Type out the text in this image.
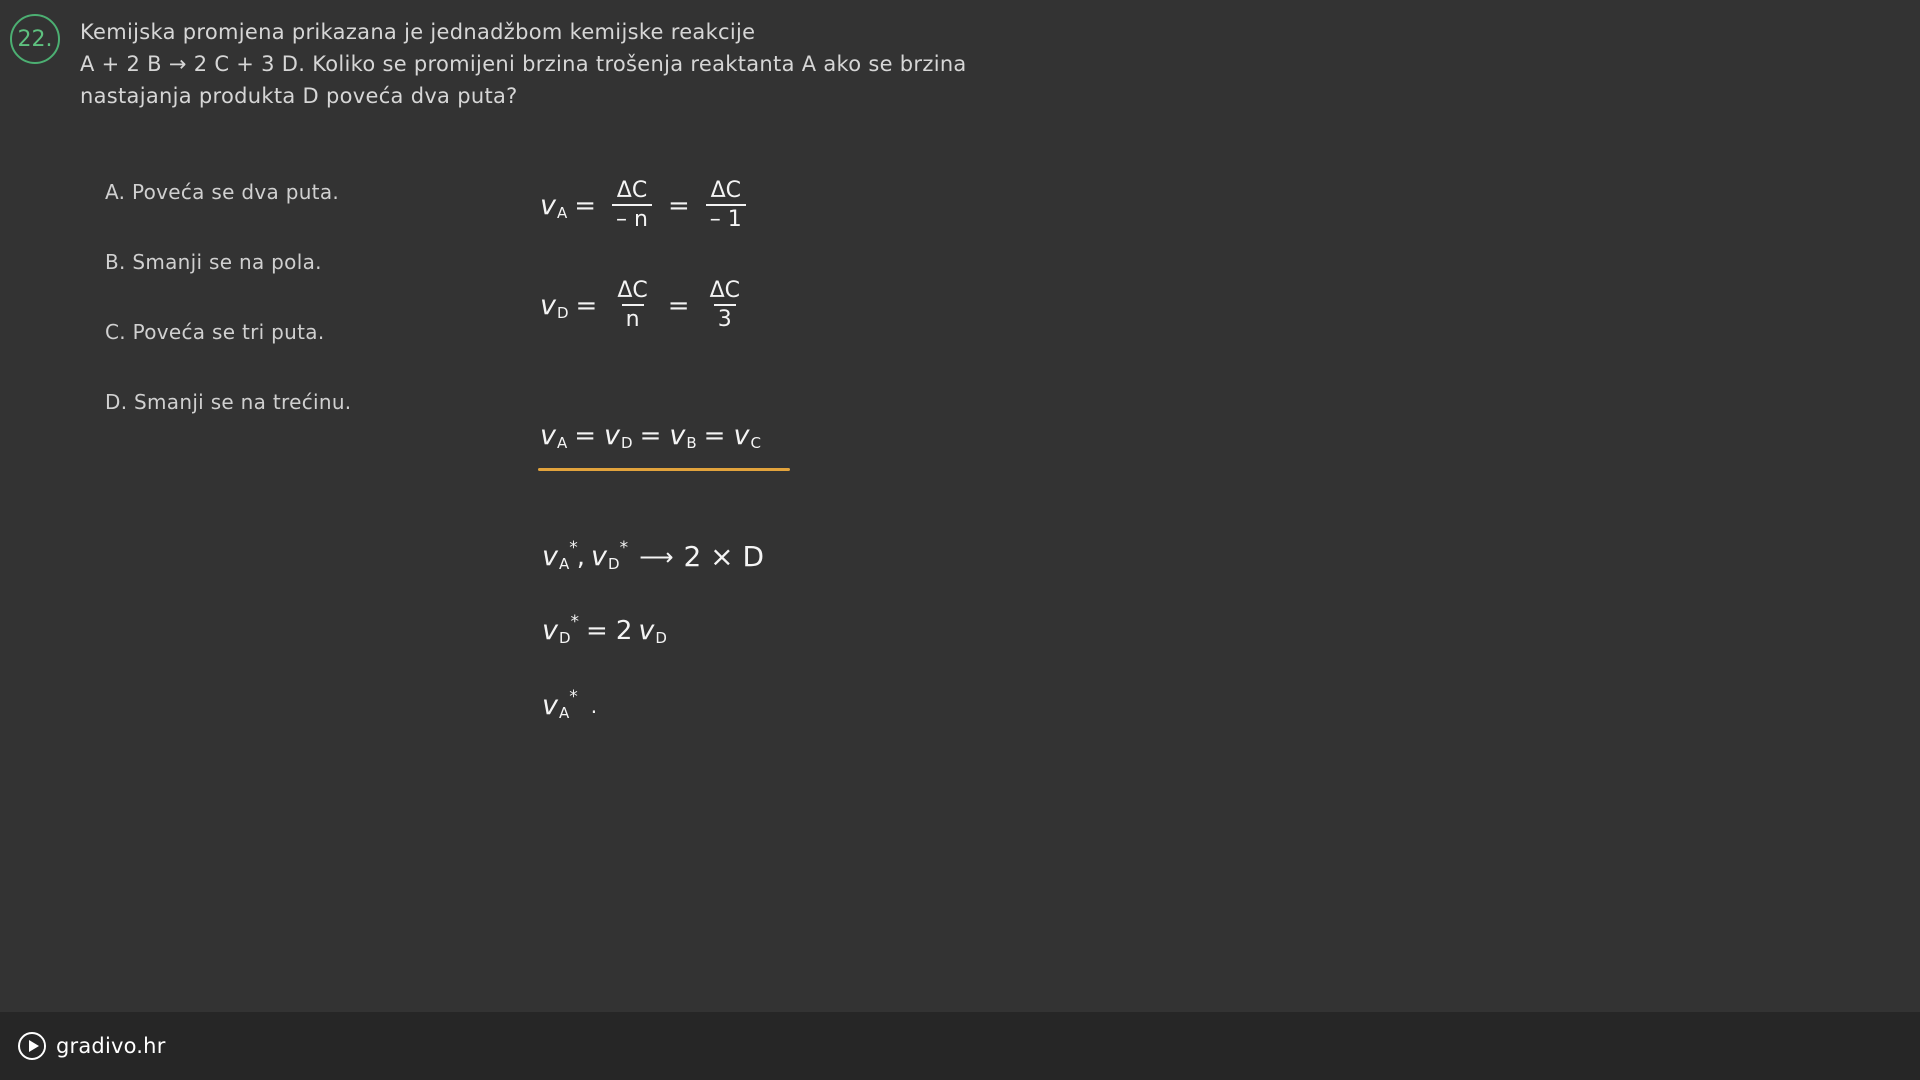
22.	Kemijska promjena prikazana je jednadžbom kemijske reakcije
A + 2 B → 2 C + 3 D. Koliko se promijeni brzina trošenja reaktanta A ako se brzina
nastajanja produkta D poveća dva puta?
A. Poveća se dva puta.
B. Smanji se na pola.
C. Poveća se tri puta.
D. Smanji se na trećinu.
v $A = \frac{\Delta C}{- n} = \frac{\Delta C}{- 1}$
v $D = \frac{\Delta C}{n} = \frac{\Delta C}{3}$
v A = v D = v B = v C
v A
* , v D
* ⟶ 2 × D
v D
* = 2 v D
v A
* .
gradivo.hr
